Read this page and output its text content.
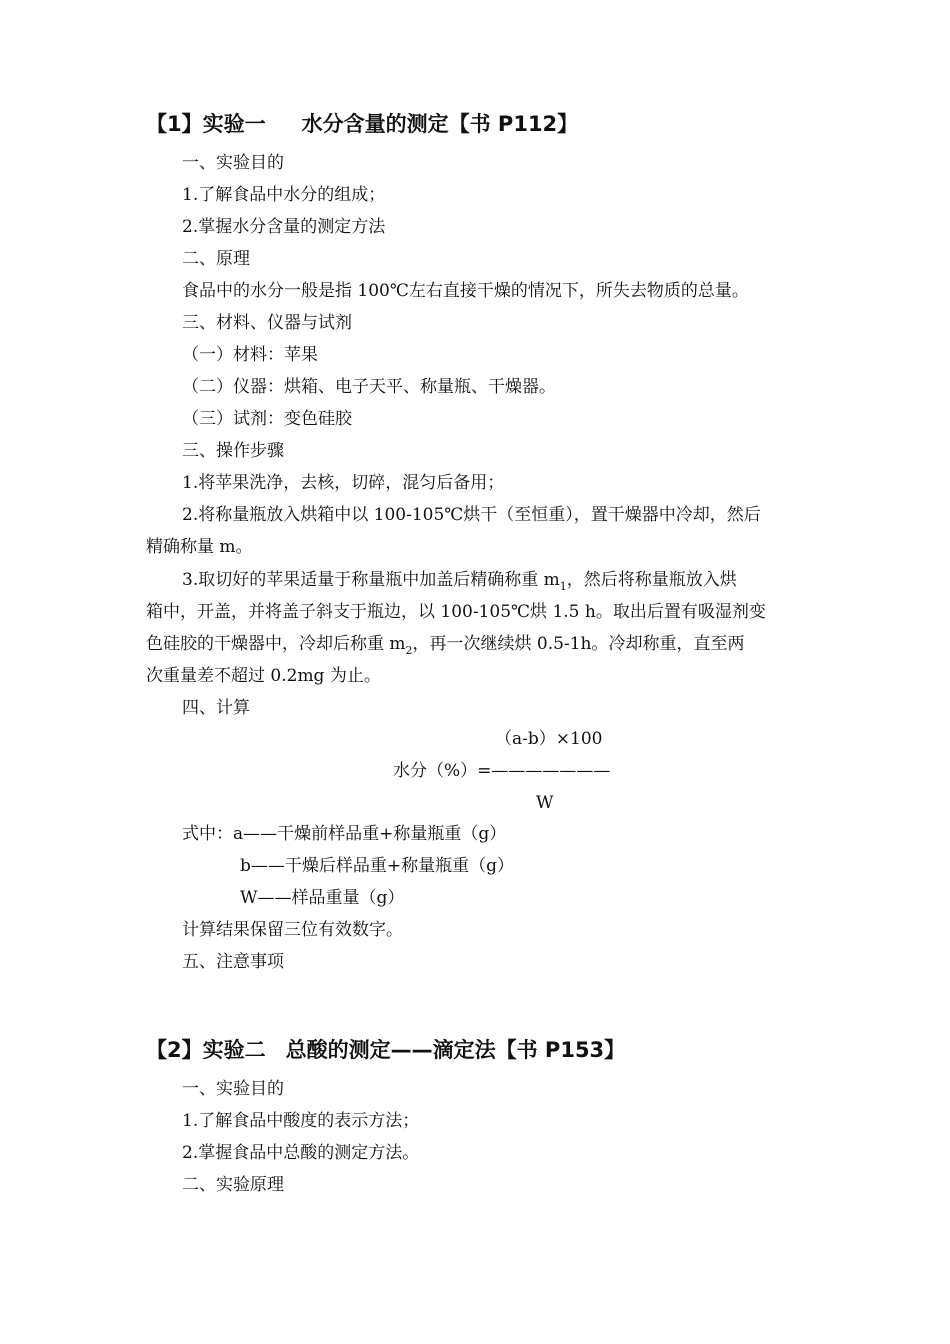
【1】实验一 水分含量的测定【书 P112】
一、实验目的
1.了解食品中水分的组成；
2.掌握水分含量的测定方法
二、原理
食品中的水分一般是指 100℃左右直接干燥的情况下，所失去物质的总量。
三、材料、仪器与试剂
（一）材料：苹果
（二）仪器：烘箱、电子天平、称量瓶、干燥器。
（三）试剂：变色硅胶
三、操作步骤
1.将苹果洗净，去核，切碎，混匀后备用；
2.将称量瓶放入烘箱中以 100-105℃烘干（至恒重），置干燥器中冷却，然后
精确称量 m。
3.取切好的苹果适量于称量瓶中加盖后精确称重 $m_1$，然后将称量瓶放入烘
箱中，开盖，并将盖子斜支于瓶边，以 100-105℃烘 1.5 h。取出后置有吸湿剂变
色硅胶的干燥器中，冷却后称重 $m_2$，再一次继续烘 0.5-1h。冷却称重，直至两
次重量差不超过 0.2mg 为止。
四、计算
（a-b）×100
水分（%）=———————
W
式中：a——干燥前样品重+称量瓶重（g）
b——干燥后样品重+称量瓶重（g）
W——样品重量（g）
计算结果保留三位有效数字。
五、注意事项
【2】实验二 总酸的测定——滴定法【书 P153】
一、实验目的
1.了解食品中酸度的表示方法；
2.掌握食品中总酸的测定方法。
二、实验原理
